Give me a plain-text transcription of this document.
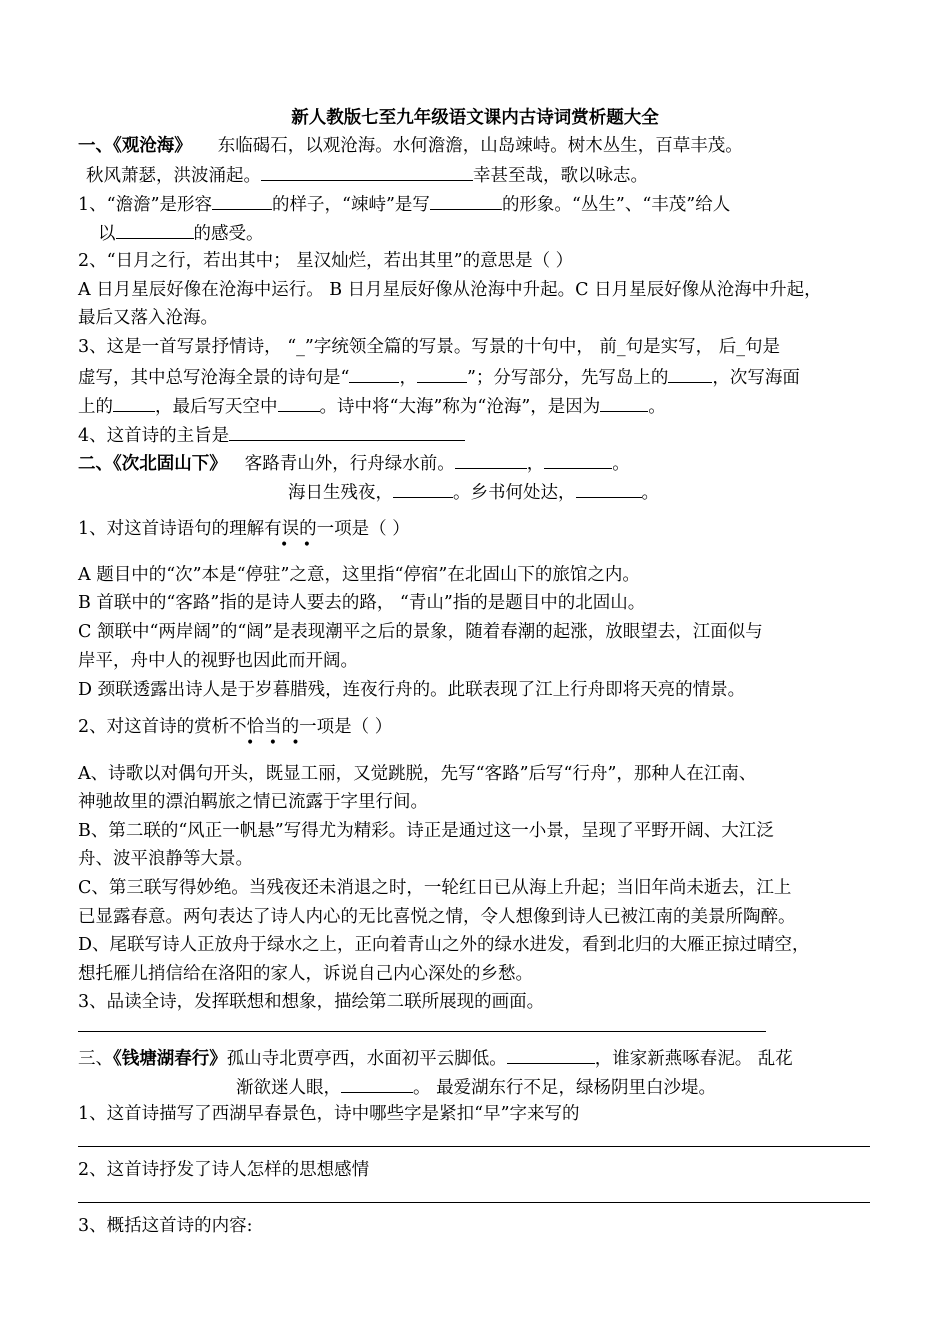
新人教版七至九年级语文课内古诗词赏析题大全
一、《观沧海》 东临碣石，以观沧海。水何澹澹，山岛竦峙。树木丛生，百草丰茂。
秋风萧瑟，洪波涌起。	幸甚至哉，歌以咏志。
1、“澹澹”是形容	的样子，“竦峙”是写	的形象。“丛生”、“丰茂”给人
以	的感受。
2、“日月之行，若出其中； 星汉灿烂，若出其里”的意思是（ ）
A 日月星辰好像在沧海中运行。 B 日月星辰好像从沧海中升起。C 日月星辰好像从沧海中升起，
最后又落入沧海。
3、这是一首写景抒情诗， “_”字统领全篇的写景。写景的十句中， 前_句是实写， 后_句是
虚写，其中总写沧海全景的诗句是“	，	”；分写部分，先写岛上的	，次写海面
上的 ，最后写天空中 。诗中将“大海”称为“沧海”，是因为	。
4、这首诗的主旨是
二、《次北固山下》 客路青山外，行舟绿水前。	，	。
海日生残夜，	。乡书何处达，	。
1、对这首诗语句的理解有误的一项是（ ）
• •
A 题目中的“次”本是“停驻”之意，这里指“停宿”在北固山下的旅馆之内。
B 首联中的“客路”指的是诗人要去的路， “青山”指的是题目中的北固山。
C 颔联中“两岸阔”的“阔”是表现潮平之后的景象，随着春潮的起涨，放眼望去，江面似与
岸平，舟中人的视野也因此而开阔。
D 颈联透露出诗人是于岁暮腊残，连夜行舟的。此联表现了江上行舟即将天亮的情景。
2、对这首诗的赏析不恰当的一项是（ ）
• • •
A、诗歌以对偶句开头，既显工丽，又觉跳脱，先写“客路”后写“行舟”，那种人在江南、
神驰故里的漂泊羁旅之情已流露于字里行间。
B、第二联的“风正一帆悬”写得尤为精彩。诗正是通过这一小景，呈现了平野开阔、大江泛
舟、波平浪静等大景。
C、第三联写得妙绝。当残夜还未消退之时，一轮红日已从海上升起；当旧年尚未逝去，江上
已显露春意。两句表达了诗人内心的无比喜悦之情，令人想像到诗人已被江南的美景所陶醉。
D、尾联写诗人正放舟于绿水之上，正向着青山之外的绿水进发，看到北归的大雁正掠过晴空，
想托雁儿捎信给在洛阳的家人，诉说自己内心深处的乡愁。
3、品读全诗，发挥联想和想象，描绘第二联所展现的画面。
三、《钱塘湖春行》孤山寺北贾亭西，水面初平云脚低。	，谁家新燕啄春泥。 乱花
渐欲迷人眼，	。 最爱湖东行不足，绿杨阴里白沙堤。
1、这首诗描写了西湖早春景色，诗中哪些字是紧扣“早”字来写的
2、这首诗抒发了诗人怎样的思想感情
3、概括这首诗的内容:
